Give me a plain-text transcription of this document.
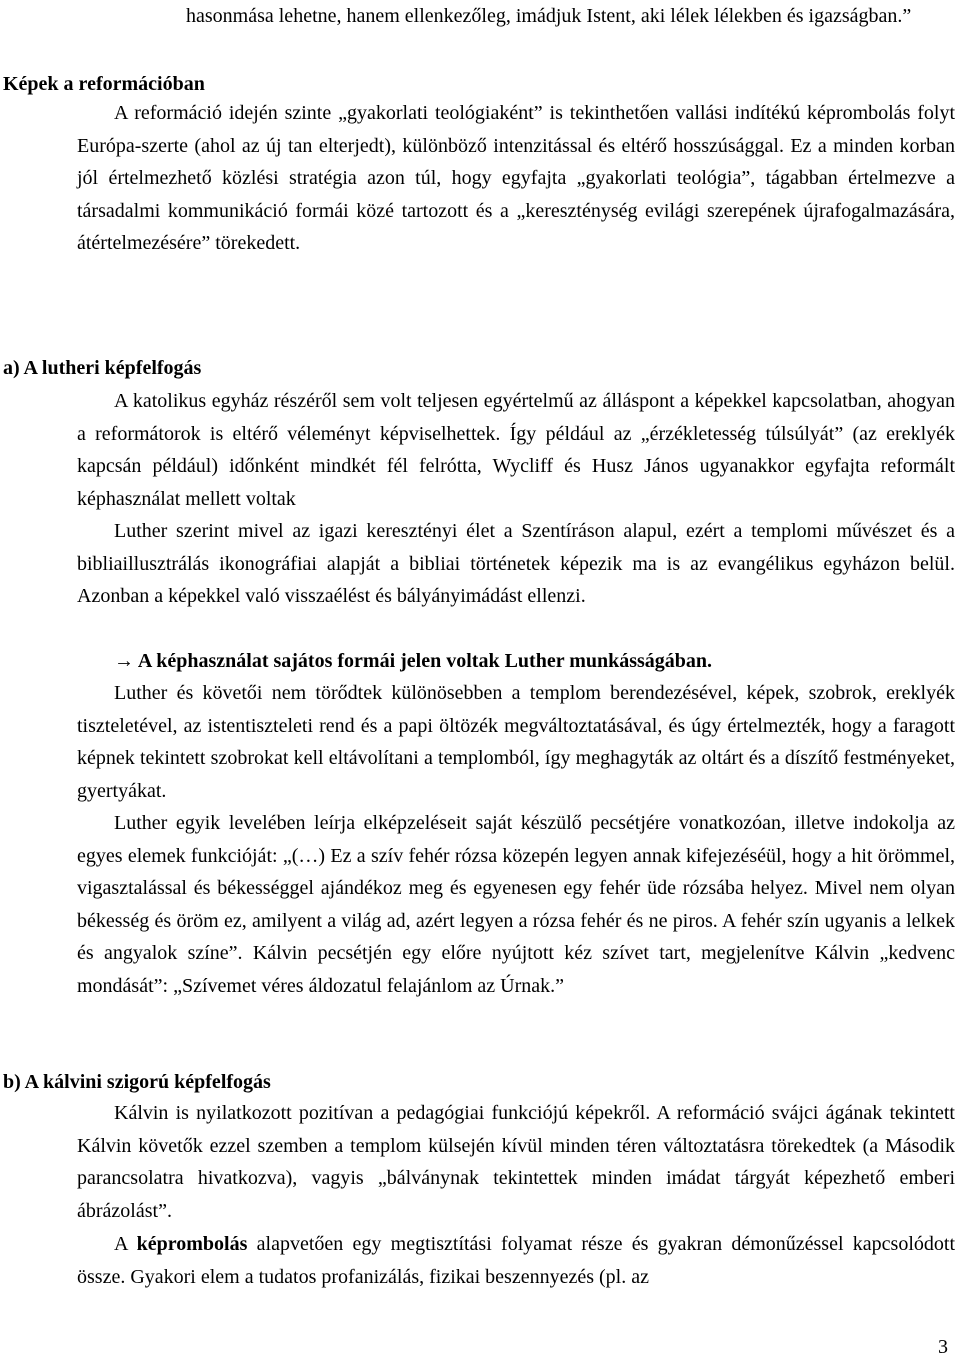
hasonmása lehetne, hanem ellenkezőleg, imádjuk Istent, aki lélek lélekben és igazságban.”

Képek a reformációban

A reformáció idején szinte „gyakorlati teológiaként” is tekinthetően vallási indítékú képrombolás folyt Európa-szerte (ahol az új tan elterjedt), különböző intenzitással és eltérő hosszúsággal. Ez a minden korban jól értelmezhető közlési stratégia azon túl, hogy egyfajta „gyakorlati teológia”, tágabban értelmezve a társadalmi kommunikáció formái közé tartozott és a „kereszténység evilági szerepének újrafogalmazására, átértelmezésére” törekedett.

a) A lutheri képfelfogás

A katolikus egyház részéről sem volt teljesen egyértelmű az álláspont a képekkel kapcsolatban, ahogyan a reformátorok is eltérő véleményt képviselhettek. Így például az „érzékletesség túlsúlyát” (az ereklyék kapcsán például) időnként mindkét fél felrótta, Wycliff és Husz János ugyanakkor egyfajta reformált képhasználat mellett voltak

Luther szerint mivel az igazi keresztényi élet a Szentíráson alapul, ezért a templomi művészet és a bibliaillusztrálás ikonográfiai alapját a bibliai történetek képezik ma is az evangélikus egyházon belül. Azonban a képekkel való visszaélést és bályányimádást ellenzi.

→ A képhasználat sajátos formái jelen voltak Luther munkásságában.

Luther és követői nem törődtek különösebben a templom berendezésével, képek, szobrok, ereklyék tiszteletével, az istentiszteleti rend és a papi öltözék megváltoztatásával, és úgy értelmezték, hogy a faragott képnek tekintett szobrokat kell eltávolítani a templomból, így meghagyták az oltárt és a díszítő festményeket, gyertyákat.

Luther egyik levelében leírja elképzeléseit saját készülő pecsétjére vonatkozóan, illetve indokolja az egyes elemek funkcióját: „(…) Ez a szív fehér rózsa közepén legyen annak kifejezéséül, hogy a hit örömmel, vigasztalással és békességgel ajándékoz meg és egyenesen egy fehér üde rózsába helyez. Mivel nem olyan békesség és öröm ez, amilyent a világ ad, azért legyen a rózsa fehér és ne piros. A fehér szín ugyanis a lelkek és angyalok színe”. Kálvin pecsétjén egy előre nyújtott kéz szívet tart, megjelenítve Kálvin „kedvenc mondását”: „Szívemet véres áldozatul felajánlom az Úrnak.”

b) A kálvini szigorú képfelfogás

Kálvin is nyilatkozott pozitívan a pedagógiai funkciójú képekről. A reformáció svájci ágának tekintett Kálvin követők ezzel szemben a templom külsején kívül minden téren változtatásra törekedtek (a Második parancsolatra hivatkozva), vagyis „bálványnak tekintettek minden imádat tárgyát képezhető emberi ábrázolást”.

A képrombolás alapvetően egy megtisztítási folyamat része és gyakran démonűzéssel kapcsolódott össze. Gyakori elem a tudatos profanizálás, fizikai beszennyezés (pl. az

3
